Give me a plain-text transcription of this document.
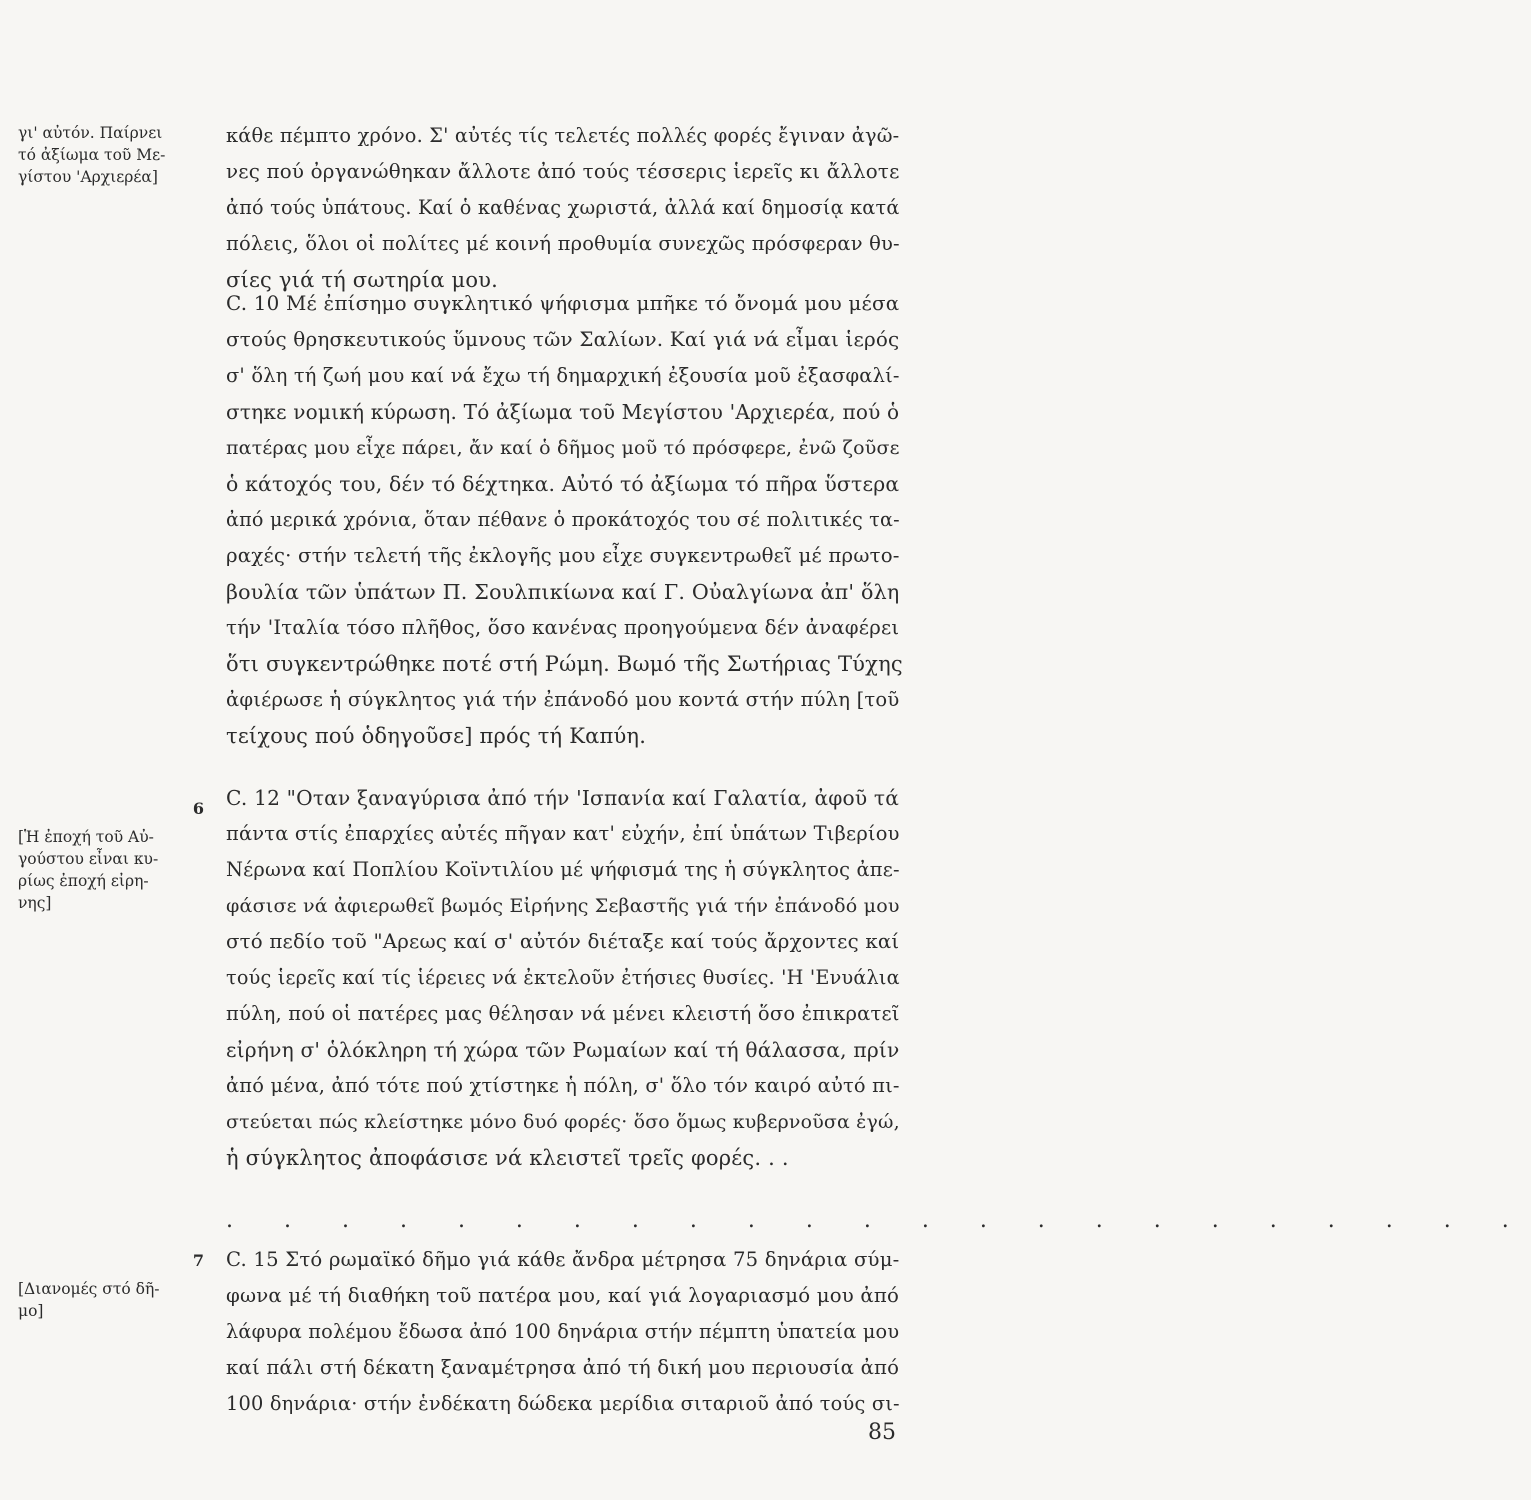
γι' αὐτόν. Παίρνει
τό ἀξίωμα τοῦ Με-
γίστου 'Αρχιερέα]
6
[Ἡ ἐποχή τοῦ Αὐ-
γούστου εἶναι κυ-
ρίως ἐποχή εἰρη-
νης]
7
[Διανομές στό δῆ-
μο]
κάθε πέμπτο χρόνο. Σ' αὐτές τίς τελετές πολλές φορές ἔγιναν ἀγῶ-
νες πού ὀργανώθηκαν ἄλλοτε ἀπό τούς τέσσερις ἱερεῖς κι ἄλλοτε
ἀπό τούς ὑπάτους. Καί ὁ καθένας χωριστά, ἀλλά καί δημοσίᾳ κατά
πόλεις, ὅλοι οἱ πολίτες μέ κοινή προθυμία συνεχῶς πρόσφεραν θυ-
σίες γιά τή σωτηρία μου.
C. 10 Μέ ἐπίσημο συγκλητικό ψήφισμα μπῆκε τό ὄνομά μου μέσα
στούς θρησκευτικούς ὕμνους τῶν Σαλίων. Καί γιά νά εἶμαι ἱερός
σ' ὅλη τή ζωή μου καί νά ἔχω τή δημαρχική ἐξουσία μοῦ ἐξασφαλί-
στηκε νομική κύρωση. Τό ἀξίωμα τοῦ Μεγίστου 'Αρχιερέα, πού ὁ
πατέρας μου εἶχε πάρει, ἄν καί ὁ δῆμος μοῦ τό πρόσφερε, ἐνῶ ζοῦσε
ὁ κάτοχός του, δέν τό δέχτηκα. Αὐτό τό ἀξίωμα τό πῆρα ὕστερα
ἀπό μερικά χρόνια, ὅταν πέθανε ὁ προκάτοχός του σέ πολιτικές τα-
ραχές· στήν τελετή τῆς ἐκλογῆς μου εἶχε συγκεντρωθεῖ μέ πρωτο-
βουλία τῶν ὑπάτων Π. Σουλπικίωνα καί Γ. Οὐαλγίωνα ἀπ' ὅλη
τήν 'Ιταλία τόσο πλῆθος, ὅσο κανένας προηγούμενα δέν ἀναφέρει
ὅτι συγκεντρώθηκε ποτέ στή Ρώμη. Βωμό τῆς Σωτήριας Τύχης
ἀφιέρωσε ἡ σύγκλητος γιά τήν ἐπάνοδό μου κοντά στήν πύλη [τοῦ
τείχους πού ὁδηγοῦσε] πρός τή Καπύη.
C. 12 "Οταν ξαναγύρισα ἀπό τήν 'Ισπανία καί Γαλατία, ἀφοῦ τά
πάντα στίς ἐπαρχίες αὐτές πῆγαν κατ' εὐχήν, ἐπί ὑπάτων Τιβερίου
Νέρωνα καί Ποπλίου Κοϊντιλίου μέ ψήφισμά της ἡ σύγκλητος ἀπε-
φάσισε νά ἀφιερωθεῖ βωμός Εἰρήνης Σεβαστῆς γιά τήν ἐπάνοδό μου
στό πεδίο τοῦ "Αρεως καί σ' αὐτόν διέταξε καί τούς ἄρχοντες καί
τούς ἱερεῖς καί τίς ἱέρειες νά ἐκτελοῦν ἐτήσιες θυσίες. 'Η 'Ενυάλια
πύλη, πού οἱ πατέρες μας θέλησαν νά μένει κλειστή ὅσο ἐπικρατεῖ
εἰρήνη σ' ὁλόκληρη τή χώρα τῶν Ρωμαίων καί τή θάλασσα, πρίν
ἀπό μένα, ἀπό τότε πού χτίστηκε ἡ πόλη, σ' ὅλο τόν καιρό αὐτό πι-
στεύεται πώς κλείστηκε μόνο δυό φορές· ὅσο ὅμως κυβερνοῦσα ἐγώ,
ἡ σύγκλητος ἀποφάσισε νά κλειστεῖ τρεῖς φορές. . .
. . . . . . . . . . . . . . . . . . . . . . .
C. 15 Στό ρωμαϊκό δῆμο γιά κάθε ἄνδρα μέτρησα 75 δηνάρια σύμ-
φωνα μέ τή διαθήκη τοῦ πατέρα μου, καί γιά λογαριασμό μου ἀπό
λάφυρα πολέμου ἔδωσα ἀπό 100 δηνάρια στήν πέμπτη ὑπατεία μου
καί πάλι στή δέκατη ξαναμέτρησα ἀπό τή δική μου περιουσία ἀπό
100 δηνάρια· στήν ἑνδέκατη δώδεκα μερίδια σιταριοῦ ἀπό τούς σι-
85
